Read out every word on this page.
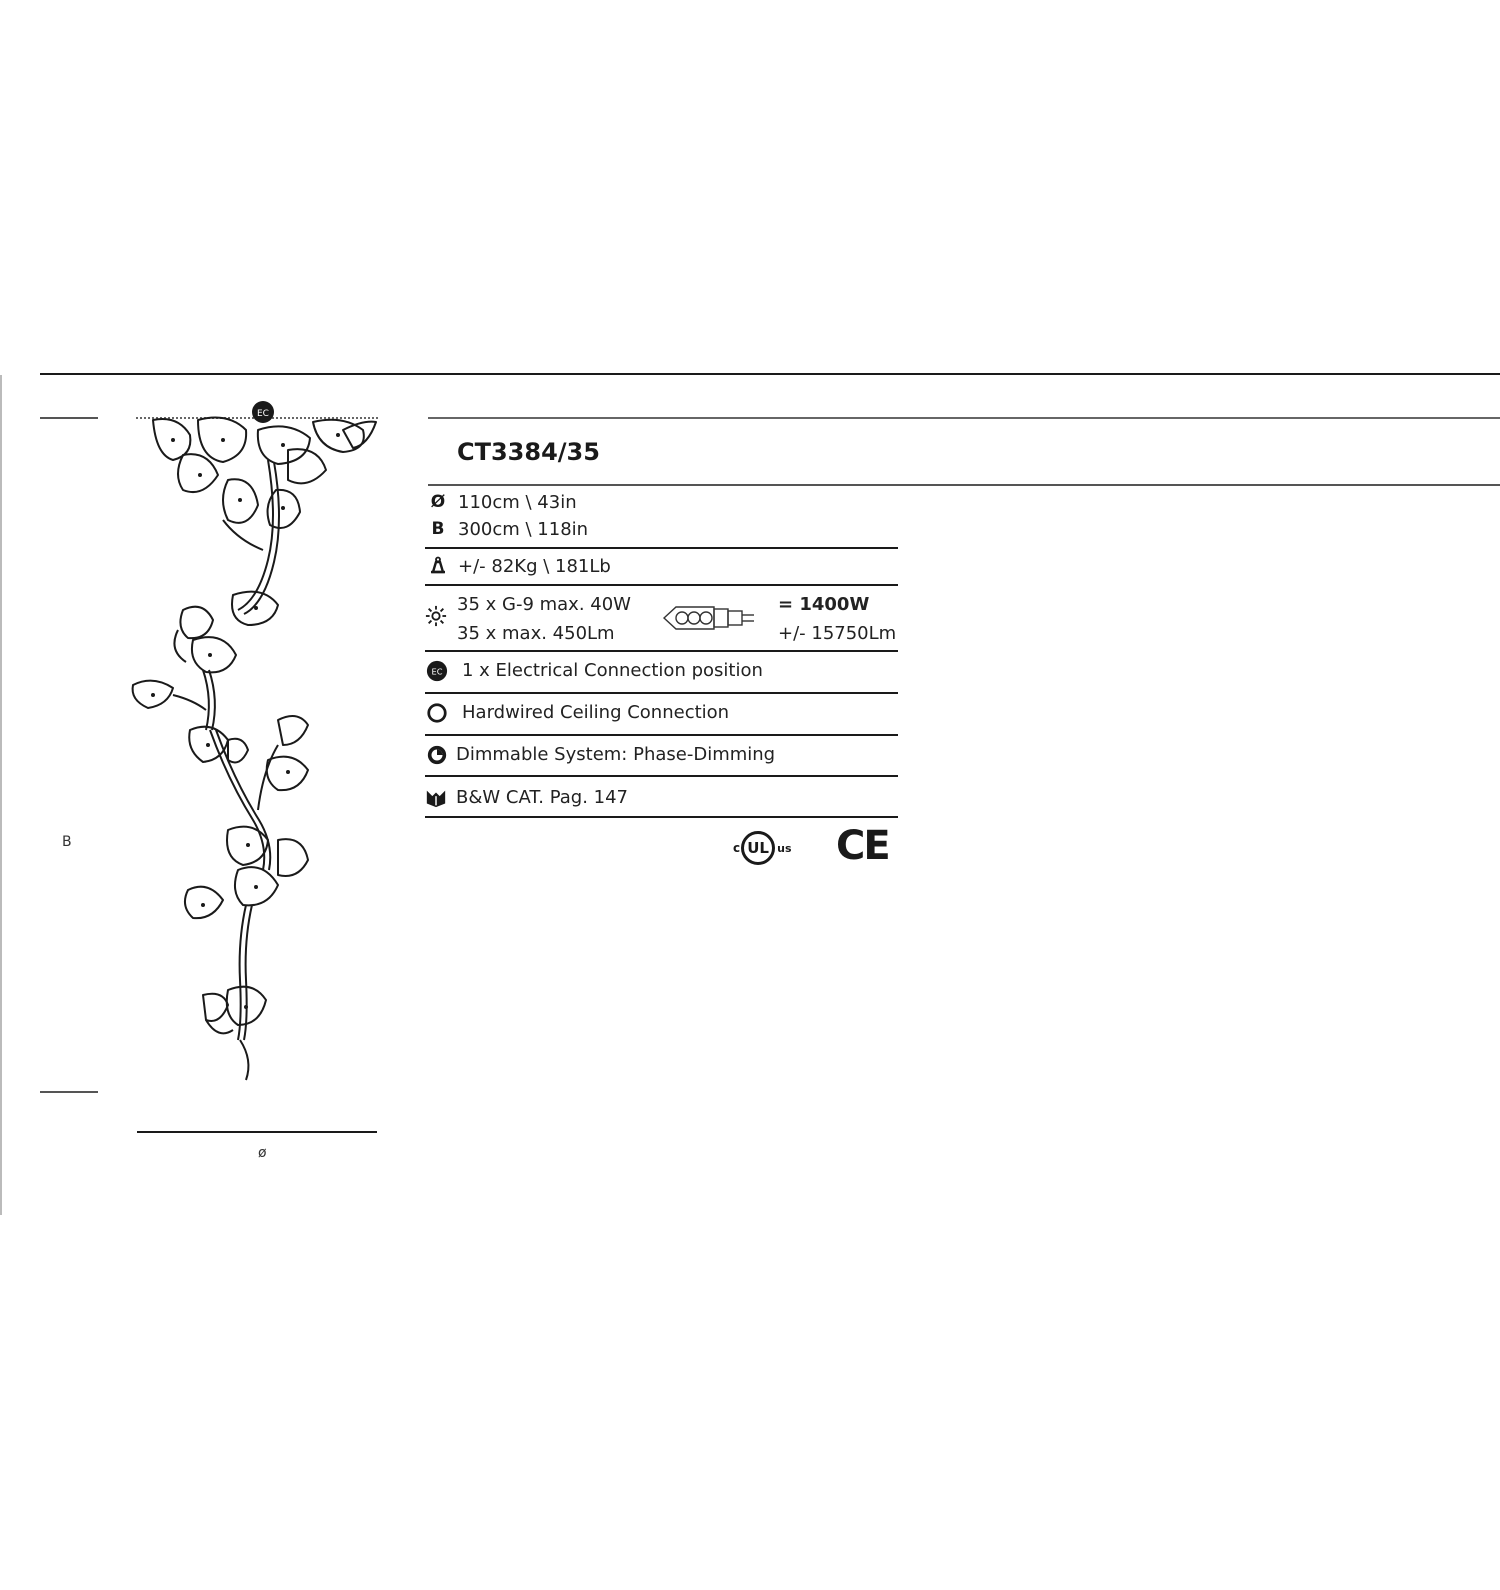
B
ø
EC
CT3384/35
Ø 110cm \ 43in
B 300cm \ 118in
+/- 82Kg \ 181Lb
35 x G-9 max. 40W
35 x max. 450Lm
= 1400W
+/- 15750Lm
EC 1 x Electrical Connection position
Hardwired Ceiling Connection
Dimmable System: Phase-Dimming
B&W CAT. Pag. 147
c UL us CE
